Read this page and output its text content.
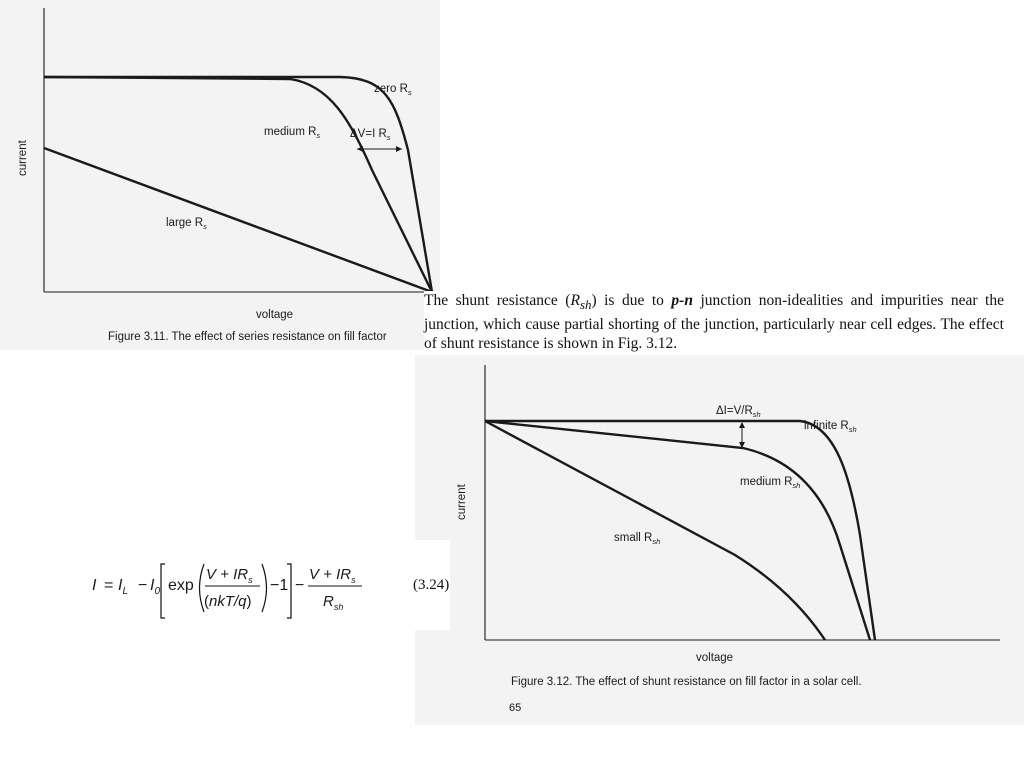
zero $R_s$
medium $R_s$	ΔV=I $R_s$
large $R_s$
voltage
current
Figure 3.11. The effect of series resistance on fill factor

The shunt resistance $(R_{sh})$ is due to p-n junction non-idealities and impurities near the junction, which cause partial shorting of the junction, particularly near cell edges. The effect of shunt resistance is shown in Fig. 3.12.

$\Delta I=V/R_{sh}$
infinite $R_{sh}$
medium $R_{sh}$
small $R_{sh}$
voltage
current
Figure 3.12. The effect of shunt resistance on fill factor in a solar cell.
$I = I_L - I_0$ exp
$V + IR_s$
(nkT/q)
−1 −
$V + IR_s$
$R_{sh}$
(3.24)
65
